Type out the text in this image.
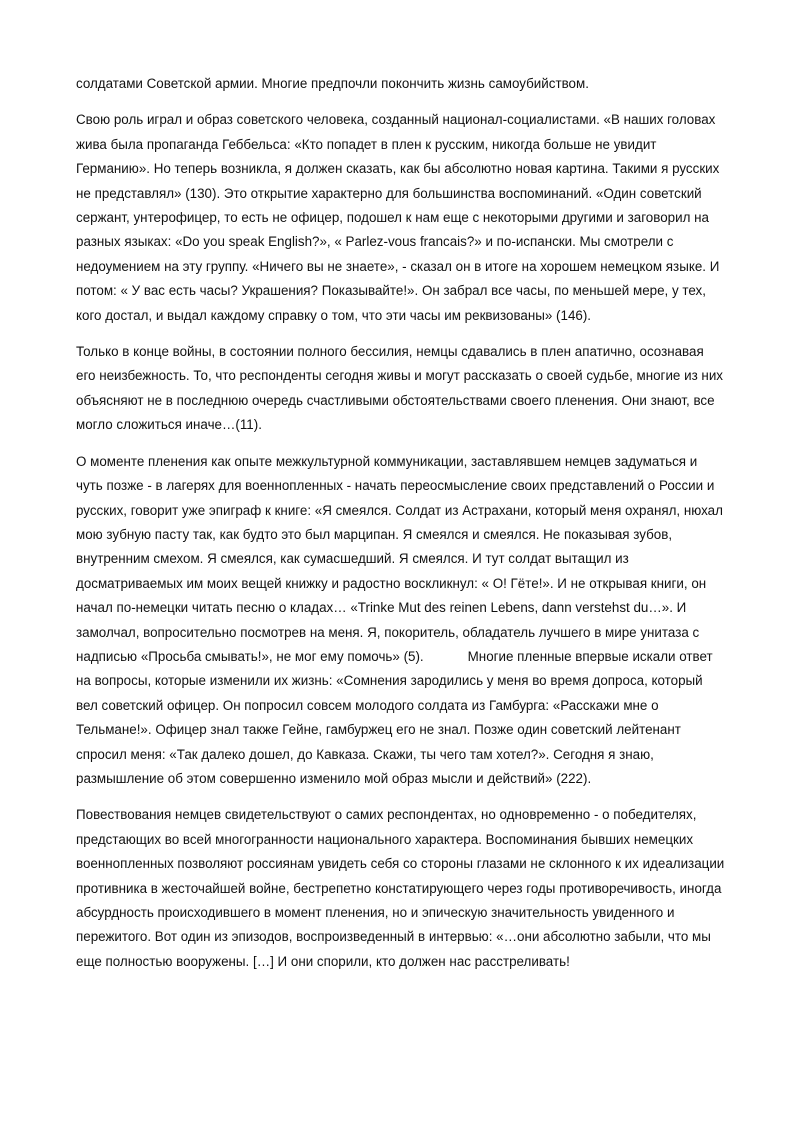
солдатами Советской армии. Многие предпочли покончить жизнь самоубийством.

Свою роль играл и образ советского человека, созданный национал-социалистами. «В наших головах жива была пропаганда Геббельса: «Кто попадет в плен к русским, никогда больше не увидит Германию». Но теперь возникла, я должен сказать, как бы абсолютно новая картина. Такими я русских не представлял» (130). Это открытие характерно для большинства воспоминаний. «Один советский сержант, унтерофицер, то есть не офицер, подошел к нам еще с некоторыми другими и заговорил на разных языках: «Do you speak English?», « Parlez-vous francais?» и по-испански. Мы смотрели с недоумением на эту группу. «Ничего вы не знаете», - сказал он в итоге на хорошем немецком языке. И потом: « У вас есть часы? Украшения? Показывайте!». Он забрал все часы, по меньшей мере, у тех, кого достал, и выдал каждому справку о том, что эти часы им реквизованы» (146).

Только в конце войны, в состоянии полного бессилия, немцы сдавались в плен апатично, осознавая его неизбежность. То, что респонденты сегодня живы и могут рассказать о своей судьбе, многие из них объясняют не в последнюю очередь счастливыми обстоятельствами своего пленения. Они знают, все могло сложиться иначе…(11).

О моменте пленения как опыте межкультурной коммуникации, заставлявшем немцев задуматься и чуть позже - в лагерях для военнопленных - начать переосмысление своих представлений о России и русских, говорит уже эпиграф к книге: «Я смеялся. Солдат из Астрахани, который меня охранял, нюхал мою зубную пасту так, как будто это был марципан. Я смеялся и смеялся. Не показывая зубов, внутренним смехом. Я смеялся, как сумасшедший. Я смеялся. И тут солдат вытащил из досматриваемых им моих вещей книжку и радостно воскликнул: « О! Гёте!». И не открывая книги, он начал по-немецки читать песню о кладах… «Trinke Mut des reinen Lebens, dann verstehst du…». И замолчал, вопросительно посмотрев на меня. Я, покоритель, обладатель лучшего в мире унитаза с надписью «Просьба смывать!», не мог ему помочь» (5).	Многие пленные впервые искали ответ на вопросы, которые изменили их жизнь: «Сомнения зародились у меня во время допроса, который вел советский офицер. Он попросил совсем молодого солдата из Гамбурга: «Расскажи мне о Тельмане!». Офицер знал также Гейне, гамбуржец его не знал. Позже один советский лейтенант спросил меня: «Так далеко дошел, до Кавказа. Скажи, ты чего там хотел?». Сегодня я знаю, размышление об этом совершенно изменило мой образ мысли и действий» (222).

Повествования немцев свидетельствуют о самих респондентах, но одновременно - о победителях, предстающих во всей многогранности национального характера. Воспоминания бывших немецких военнопленных позволяют россиянам увидеть себя со стороны глазами не склонного к их идеализации противника в жесточайшей войне, бестрепетно констатирующего через годы противоречивость, иногда абсурдность происходившего в момент пленения, но и эпическую значительность увиденного и пережитого. Вот один из эпизодов, воспроизведенный в интервью: «…они абсолютно забыли, что мы еще полностью вооружены. […] И они спорили, кто должен нас расстреливать!
